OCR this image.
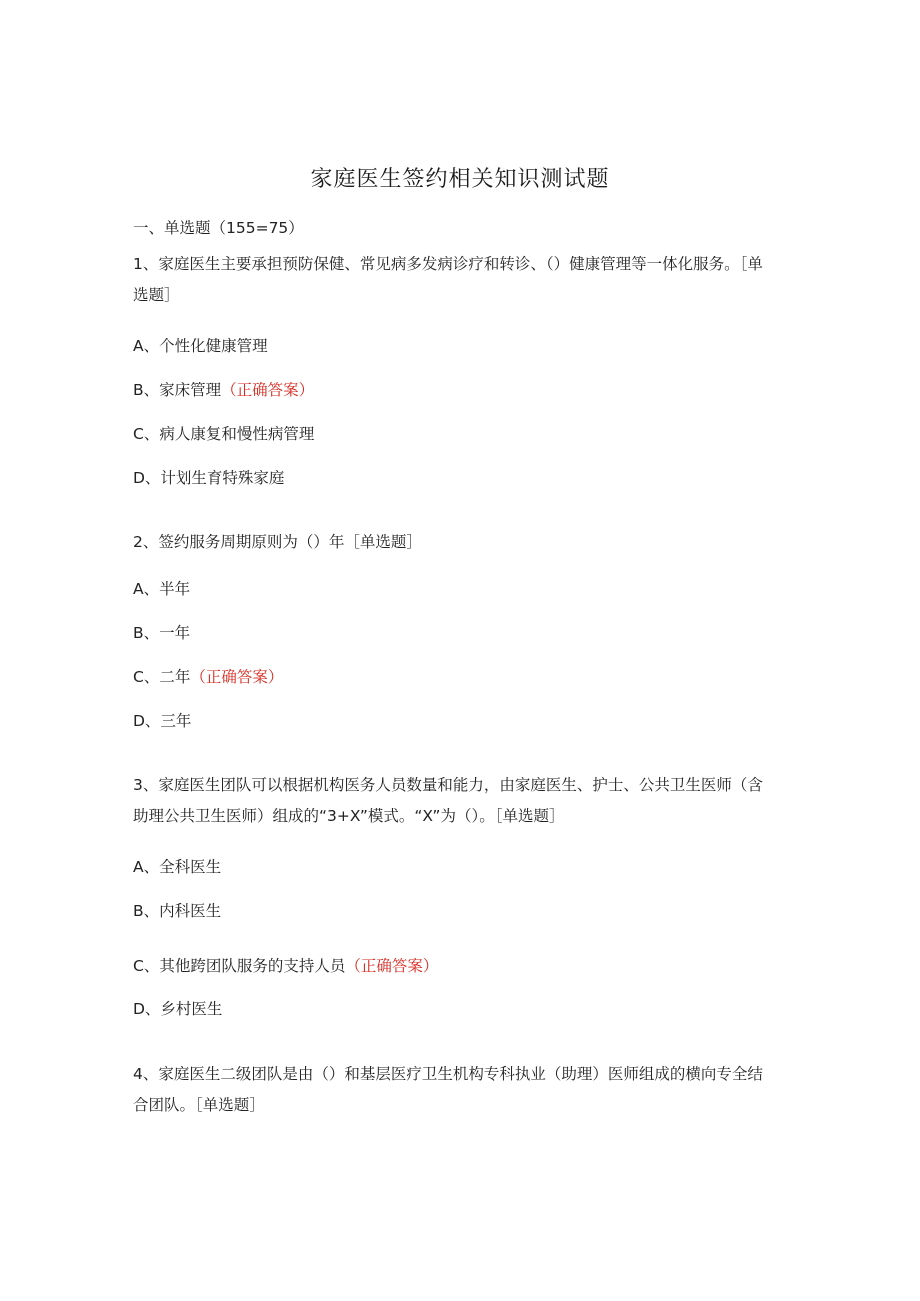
家庭医生签约相关知识测试题
一、单选题（155=75）
1、家庭医生主要承担预防保健、常见病多发病诊疗和转诊、（）健康管理等一体化服务。［单选题］
A、个性化健康管理
B、家床管理（正确答案）
C、病人康复和慢性病管理
D、计划生育特殊家庭
2、签约服务周期原则为（）年［单选题］
A、半年
B、一年
C、二年（正确答案）
D、三年
3、家庭医生团队可以根据机构医务人员数量和能力，由家庭医生、护士、公共卫生医师（含助理公共卫生医师）组成的“3+X”模式。“X”为（）。［单选题］
A、全科医生
B、内科医生
C、其他跨团队服务的支持人员（正确答案）
D、乡村医生
4、家庭医生二级团队是由（）和基层医疗卫生机构专科执业（助理）医师组成的横向专全结合团队。［单选题］
